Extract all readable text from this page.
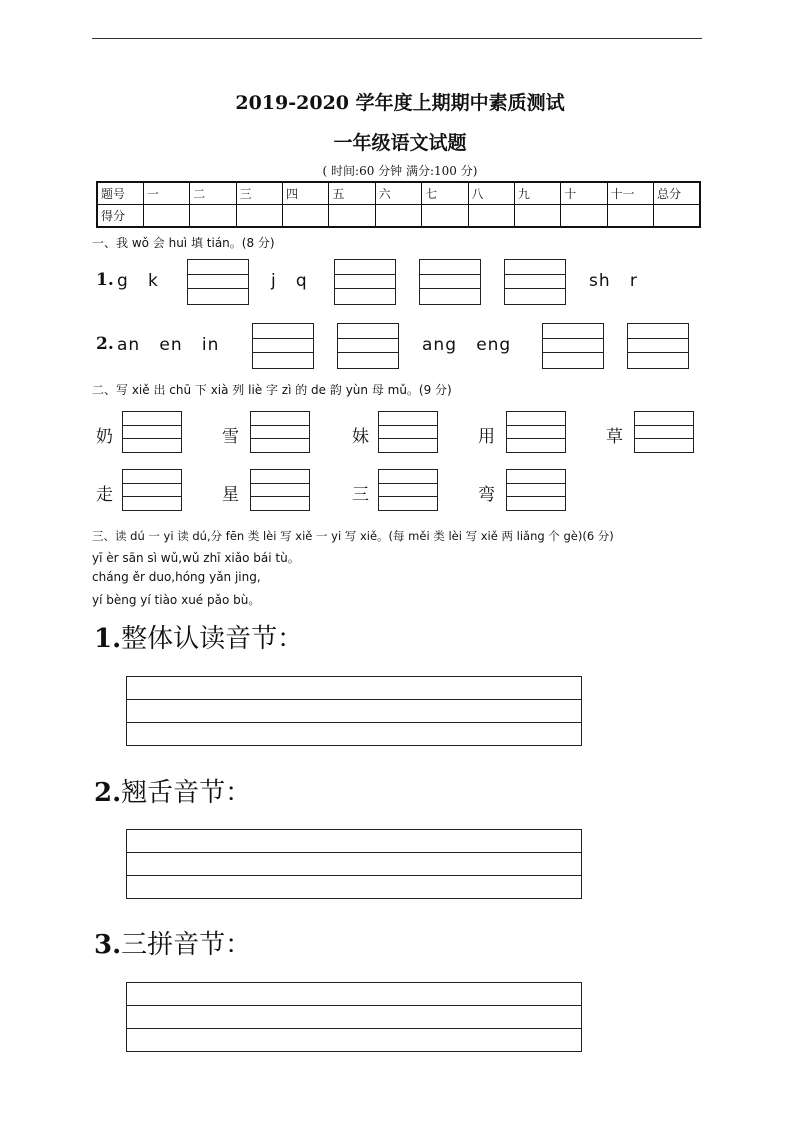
2019-2020 学年度上期期中素质测试
一年级语文试题
( 时间:60 分钟 满分:100 分)
题号	一	二	三	四	五	六	七	八	九	十	十一	总分
得分												
一、我 wǒ 会 huì 填 tián。(8 分)
1. g   k	j   q	sh   r
2. an   en   in	ang   eng
二、写 xiě 出 chū 下 xià 列 liè 字 zì 的 de 韵 yùn 母 mǔ。(9 分)
奶	雪	妹	用	草
走	星	三	弯
三、读 dú 一 yi 读 dú,分 fēn 类 lèi 写 xiě 一 yi 写 xiě。(每 měi 类 lèi 写 xiě 两 liǎng 个 gè)(6 分)
yī èr sān sì wǔ,wǔ zhī xiǎo bái tù。
cháng ěr duo,hóng yǎn jing,
yí bèng yí tiào xué pǎo bù。
1.整体认读音节：
2.翘舌音节：
3.三拼音节：
